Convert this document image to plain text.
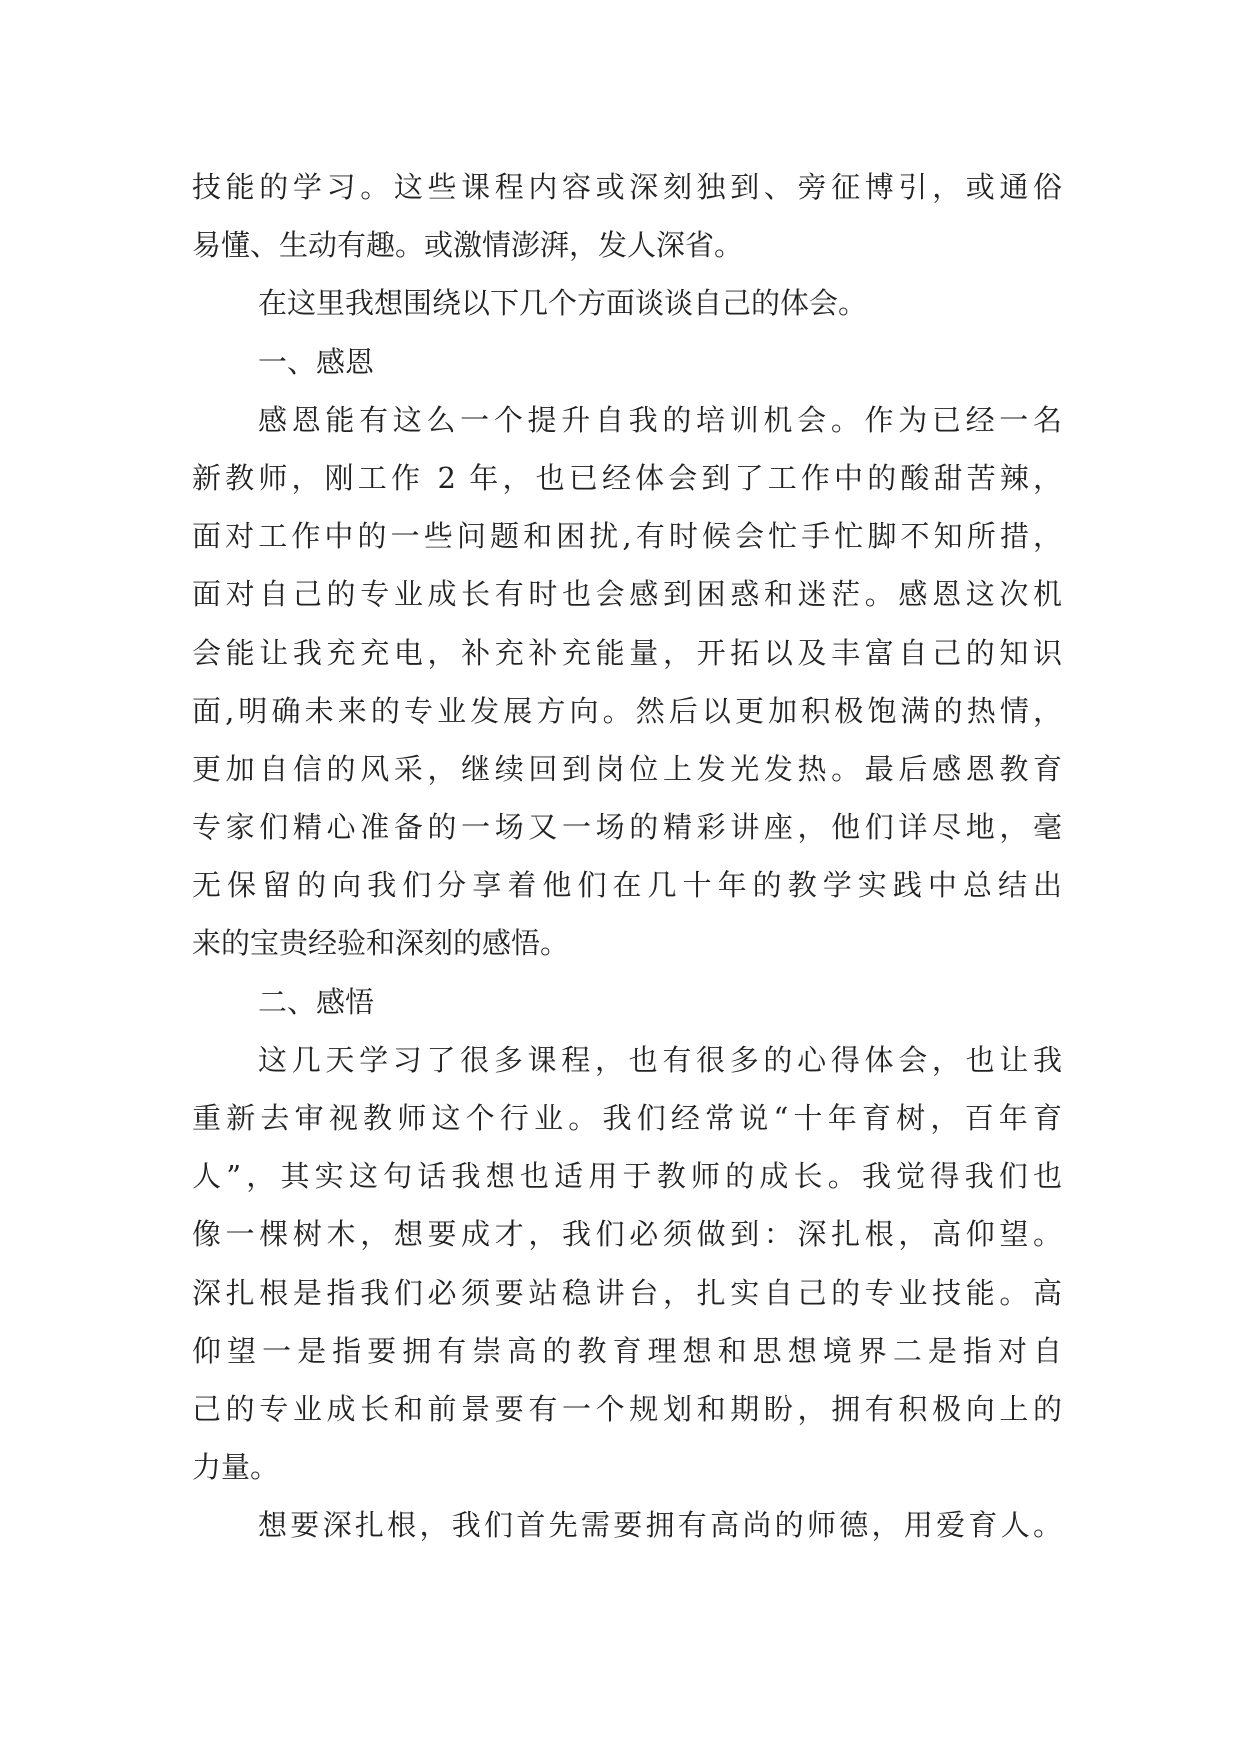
技能的学习。这些课程内容或深刻独到、旁征博引，或通俗
易懂、生动有趣。或激情澎湃，发人深省。
在这里我想围绕以下几个方面谈谈自己的体会。
一、感恩
感恩能有这么一个提升自我的培训机会。作为已经一名
新教师，刚工作 2 年，也已经体会到了工作中的酸甜苦辣，
面对工作中的一些问题和困扰,有时候会忙手忙脚不知所措，
面对自己的专业成长有时也会感到困惑和迷茫。感恩这次机
会能让我充充电，补充补充能量，开拓以及丰富自己的知识
面,明确未来的专业发展方向。然后以更加积极饱满的热情，
更加自信的风采，继续回到岗位上发光发热。最后感恩教育
专家们精心准备的一场又一场的精彩讲座，他们详尽地，毫
无保留的向我们分享着他们在几十年的教学实践中总结出
来的宝贵经验和深刻的感悟。
二、感悟
这几天学习了很多课程，也有很多的心得体会，也让我
重新去审视教师这个行业。我们经常说“十年育树，百年育
人”，其实这句话我想也适用于教师的成长。我觉得我们也
像一棵树木，想要成才，我们必须做到：深扎根，高仰望。
深扎根是指我们必须要站稳讲台，扎实自己的专业技能。高
仰望一是指要拥有崇高的教育理想和思想境界二是指对自
己的专业成长和前景要有一个规划和期盼，拥有积极向上的
力量。
想要深扎根，我们首先需要拥有高尚的师德，用爱育人。
